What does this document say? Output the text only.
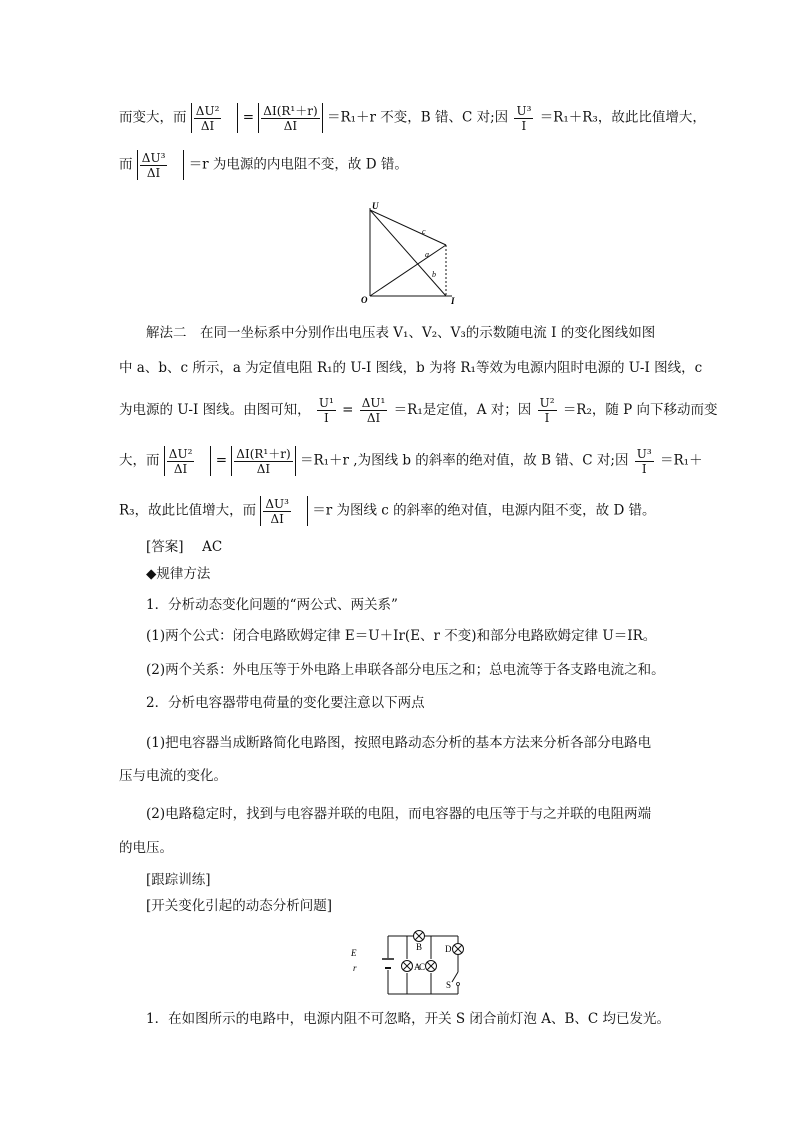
而变大，而 $\frac{\text{ΔU²}}{\Delta I} = \frac{\text{ΔI(R¹＋r)}}{\Delta I} =R_1+r$ 不变，B 错、C 对;因 $\frac{\text{U³}}{I} =R_1+R_3$，故此比值增大，
而 $\frac{\text{ΔU³}}{\Delta I} =r$ 为电源的内电阻不变，故 D 错。
U
I
O
c
a
b
解法二　在同一坐标系中分别作出电压表 V₁、V₂、V₃的示数随电流 I 的变化图线如图
中 a、b、c 所示，a 为定值电阻 R₁的 U-I 图线，b 为将 R₁等效为电源内阻时电源的 U-I 图线，c
为电源的 U-I 图线。由图可知， $\frac{\text{U¹}}{I} = \frac{\text{ΔU¹}}{\Delta I} =R_1$是定值，A 对；因 $\frac{\text{U²}}{I} =R_2$，随 P 向下移动而变
大，而 $\frac{\text{ΔU²}}{\Delta I} = \frac{\text{ΔI(R¹＋r)}}{\Delta I} =R_1+r$ ,为图线 b 的斜率的绝对值，故 B 错、C 对;因 $\frac{\text{U³}}{I} =R_1+$
R₃，故此比值增大，而 $\frac{\text{ΔU³}}{\Delta I} =r$ 为图线 c 的斜率的绝对值，电源内阻不变，故 D 错。
[答案] AC
◆规律方法
1．分析动态变化问题的“两公式、两关系”
(1)两个公式：闭合电路欧姆定律 E＝U＋Ir(E、r 不变)和部分电路欧姆定律 U＝IR。
(2)两个关系：外电压等于外电路上串联各部分电压之和；总电流等于各支路电流之和。
2．分析电容器带电荷量的变化要注意以下两点
(1)把电容器当成断路简化电路图，按照电路动态分析的基本方法来分析各部分电路电
压与电流的变化。
(2)电路稳定时，找到与电容器并联的电阻，而电容器的电压等于与之并联的电阻两端
的电压。
[跟踪训练]
[开关变化引起的动态分析问题]
E
r	A
B
C
D
S
1．在如图所示的电路中，电源内阻不可忽略，开关 S 闭合前灯泡 A、B、C 均已发光。
